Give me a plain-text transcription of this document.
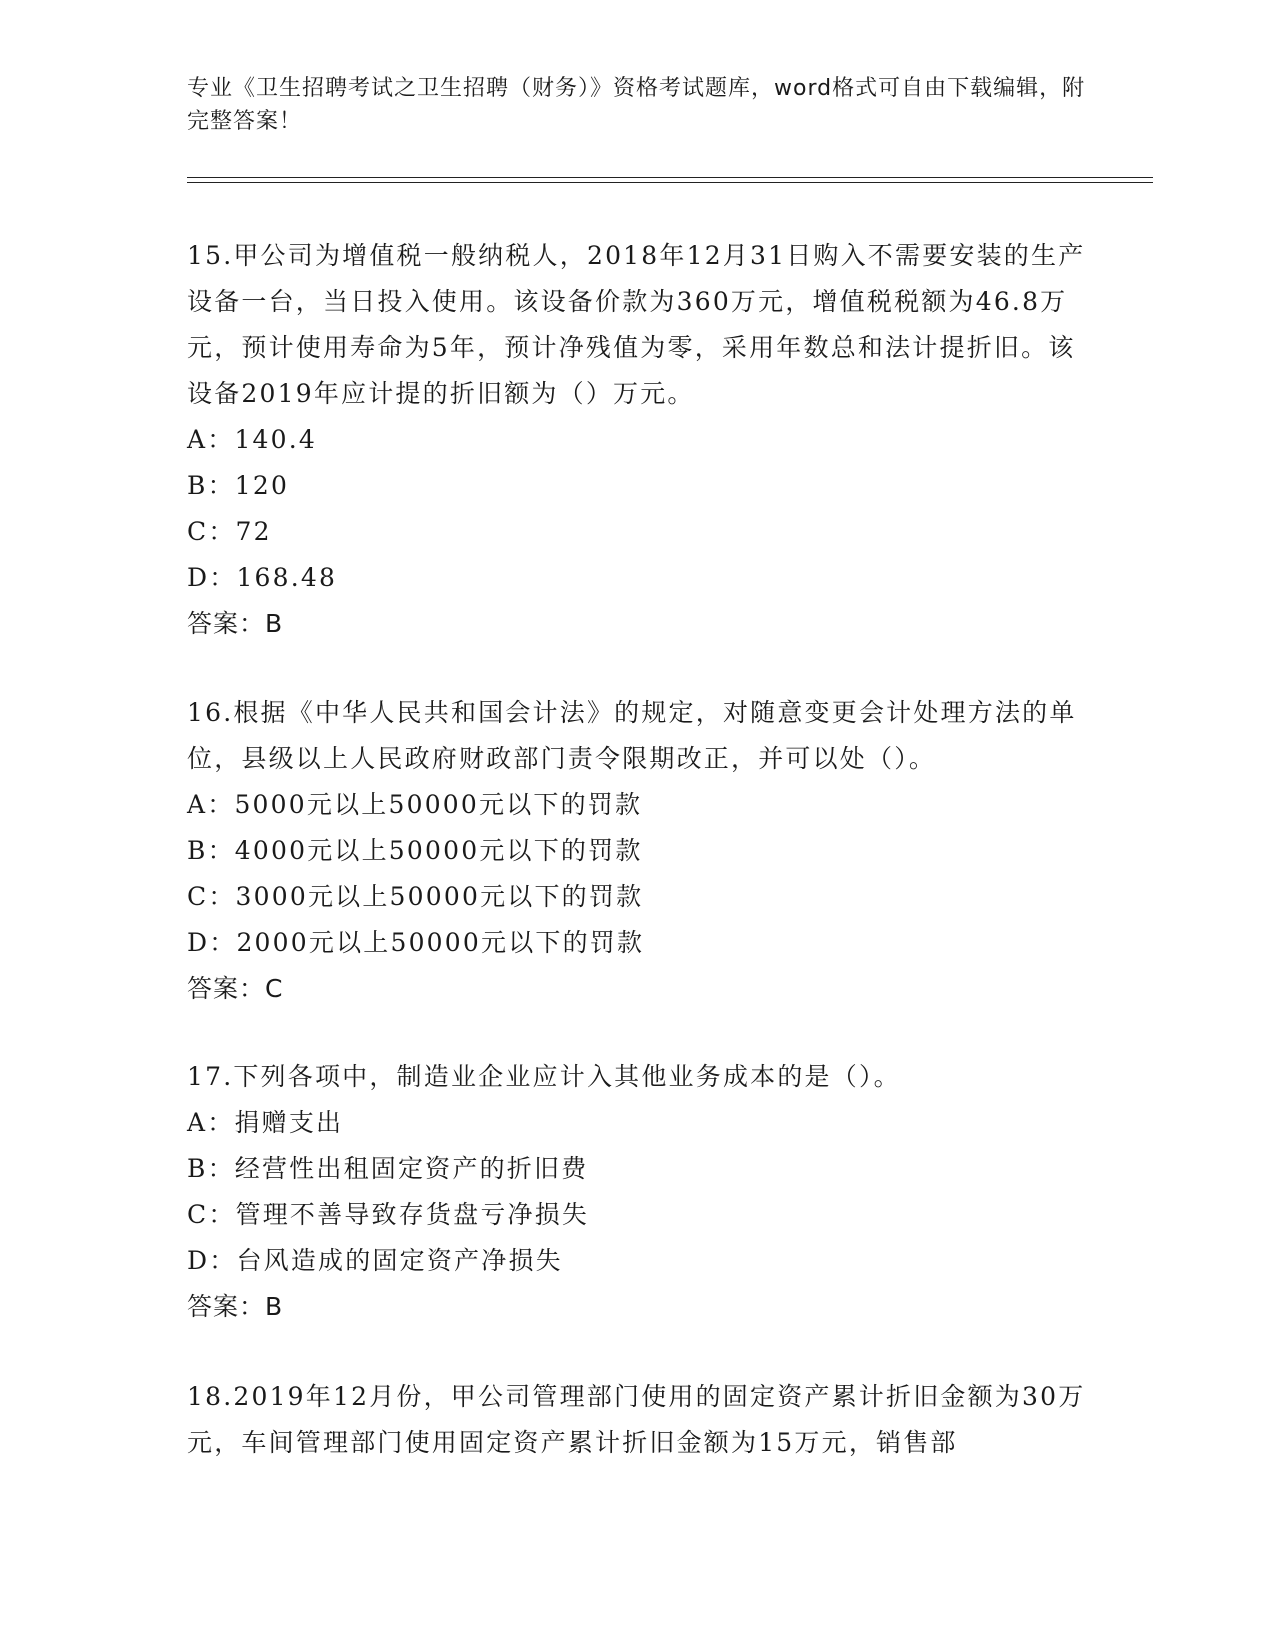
专业《卫生招聘考试之卫生招聘（财务）》资格考试题库，word格式可自由下载编辑，附完整答案！

15.甲公司为增值税一般纳税人，2018年12月31日购入不需要安装的生产设备一台，当日投入使用。该设备价款为360万元，增值税税额为46.8万元，预计使用寿命为5年，预计净残值为零，采用年数总和法计提折旧。该设备2019年应计提的折旧额为（）万元。

A：140.4

B：120

C：72

D：168.48

答案：B

16.根据《中华人民共和国会计法》的规定，对随意变更会计处理方法的单位，县级以上人民政府财政部门责令限期改正，并可以处（）。

A：5000元以上50000元以下的罚款

B：4000元以上50000元以下的罚款

C：3000元以上50000元以下的罚款

D：2000元以上50000元以下的罚款

答案：C

17.下列各项中，制造业企业应计入其他业务成本的是（）。

A：捐赠支出

B：经营性出租固定资产的折旧费

C：管理不善导致存货盘亏净损失

D：台风造成的固定资产净损失

答案：B

18.2019年12月份，甲公司管理部门使用的固定资产累计折旧金额为30万元，车间管理部门使用固定资产累计折旧金额为15万元，销售部
